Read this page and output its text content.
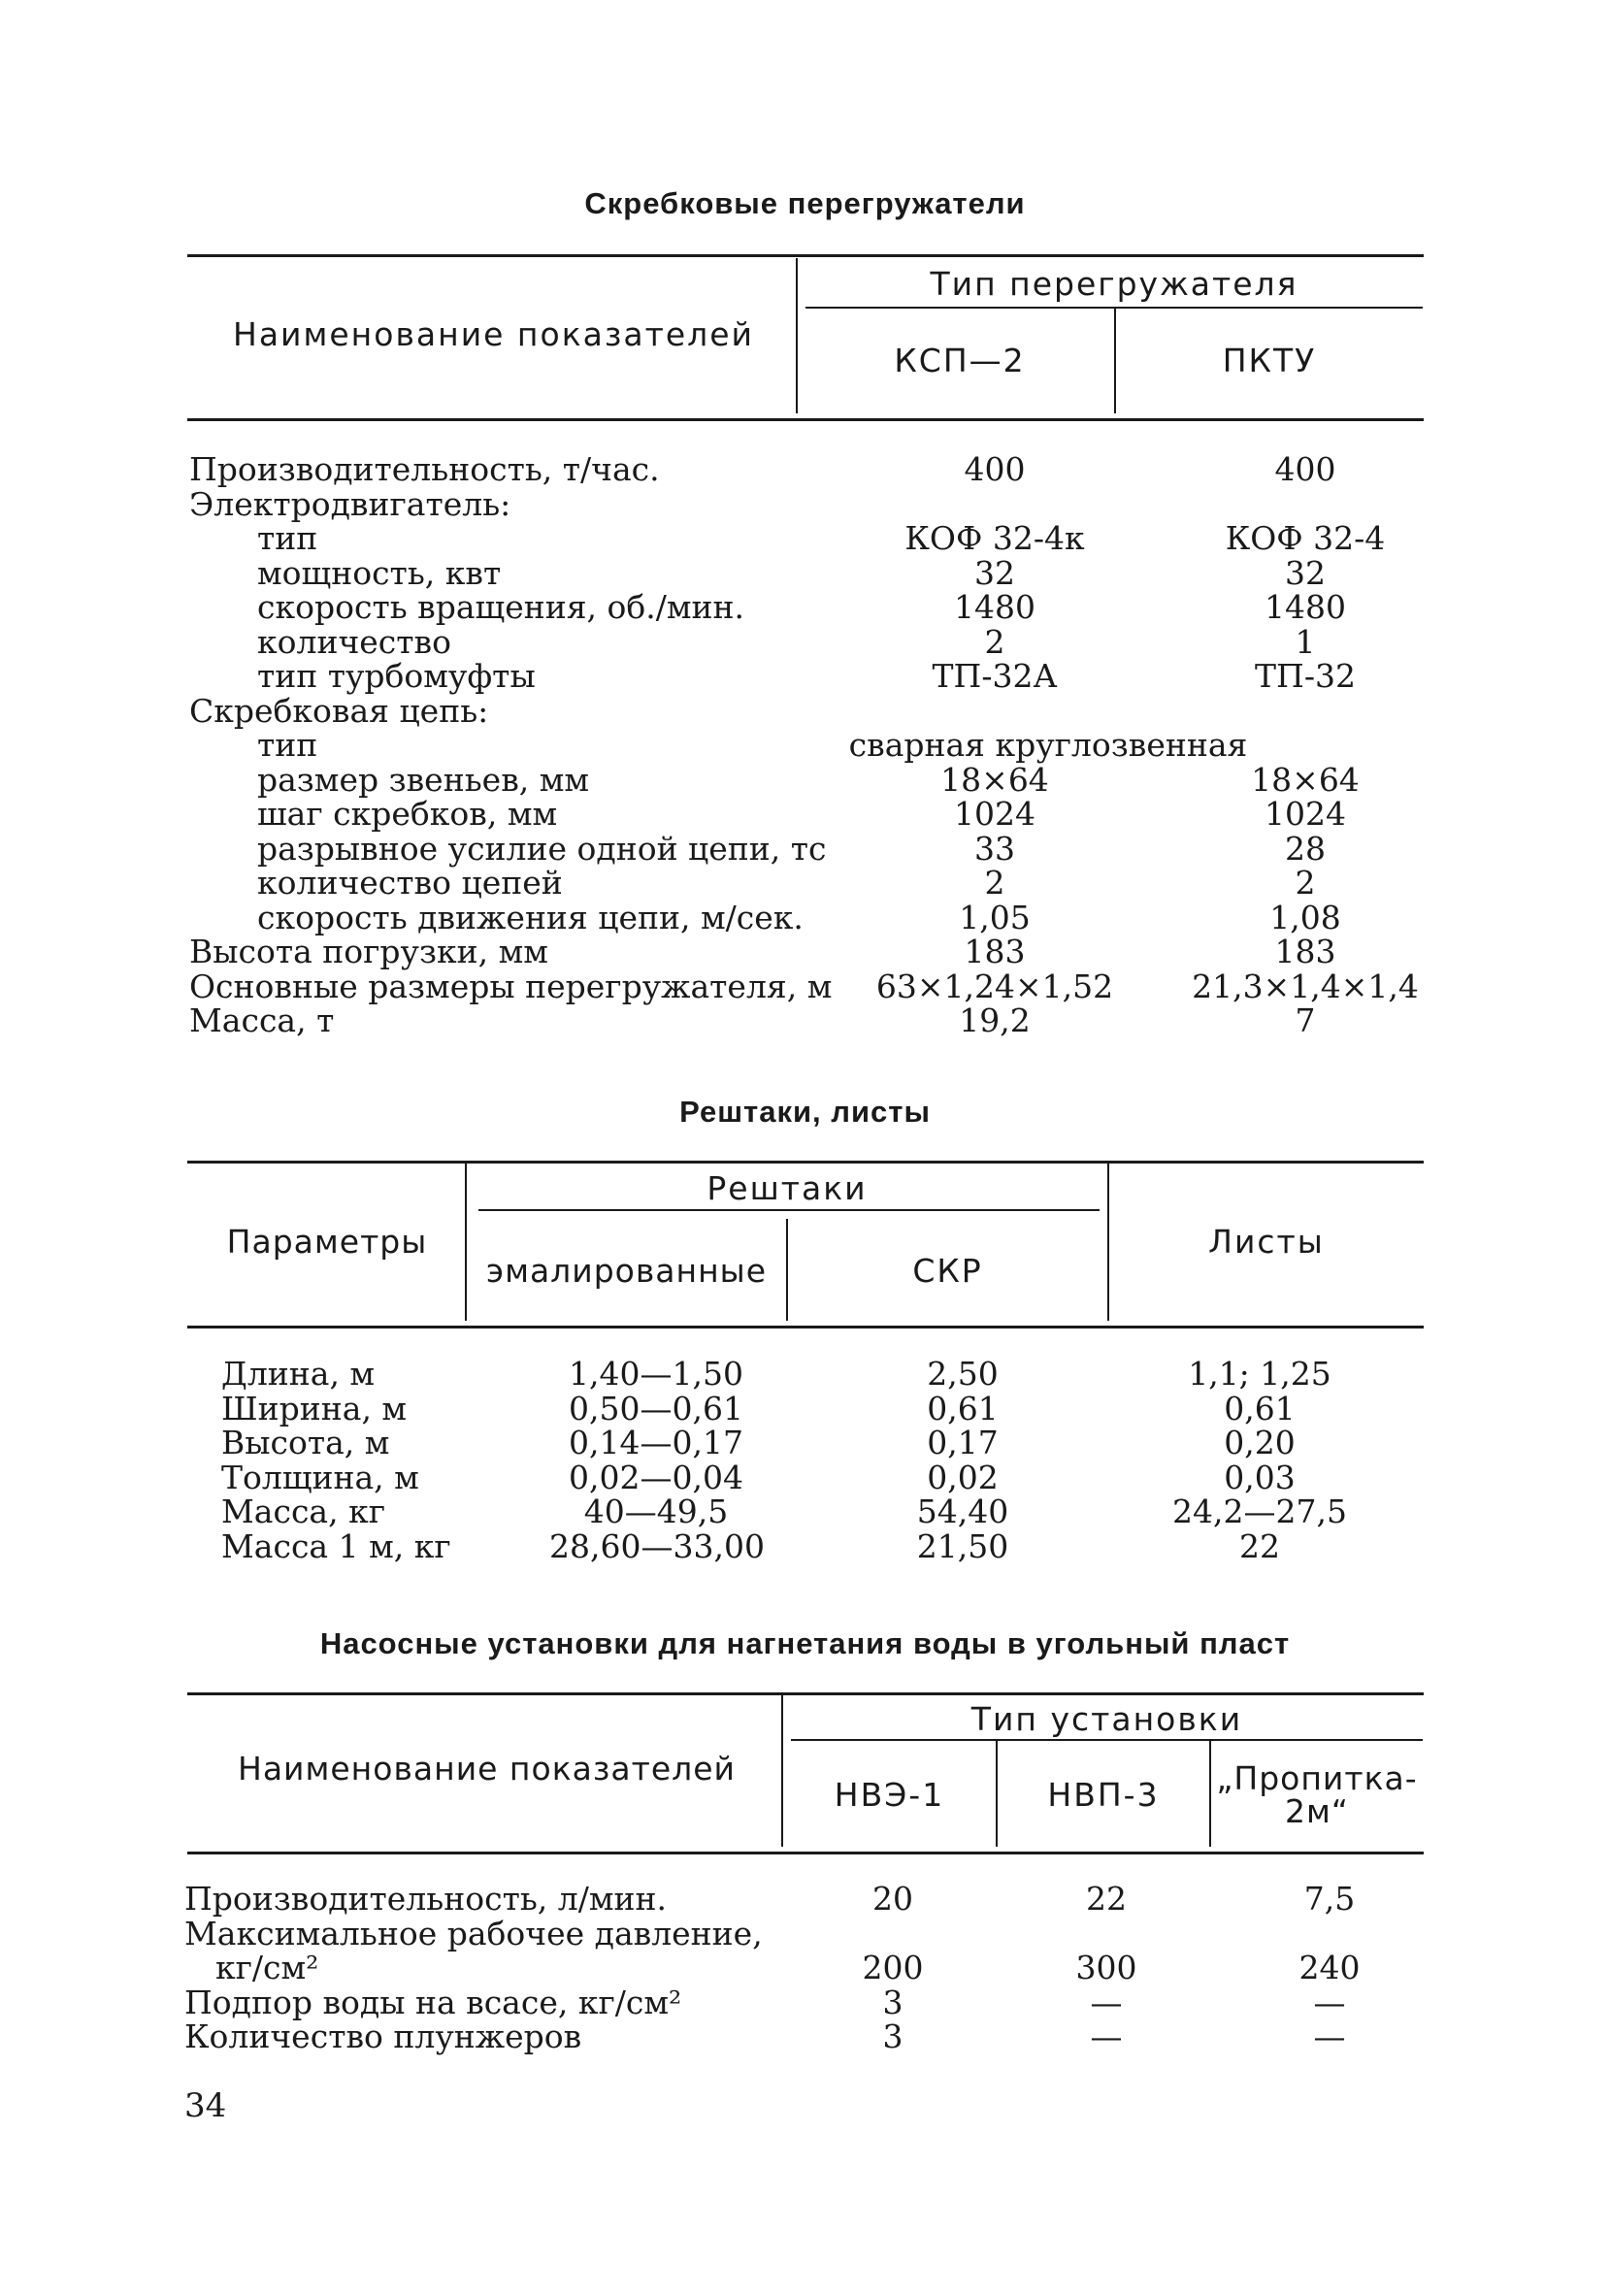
Скребковые перегружатели
Наименование показателей
Тип перегружателя
КСП—2	ПКТУ
Производительность, т/час.	400	400
Электродвигатель:
тип	КОФ 32-4к	КОФ 32-4
мощность, квт	32	32
скорость вращения, об./мин.	1480	1480
количество	2	1
тип турбомуфты	ТП-32А	ТП-32
Скребковая цепь:
тип	сварная круглозвенная
размер звеньев, мм	18×64	18×64
шаг скребков, мм	1024	1024
разрывное усилие одной цепи, тс	33	28
количество цепей	2	2
скорость движения цепи, м/сек.	1,05	1,08
Высота погрузки, мм	183	183
Основные размеры перегружателя, м	63×1,24×1,52	21,3×1,4×1,4
Масса, т	19,2	7
Рештаки, листы
Параметры
Рештаки
эмалированные	СКР
Листы
Длина, м	1,40—1,50	2,50	1,1; 1,25
Ширина, м	0,50—0,61	0,61	0,61
Высота, м	0,14—0,17	0,17	0,20
Толщина, м	0,02—0,04	0,02	0,03
Масса, кг	40—49,5	54,40	24,2—27,5
Масса 1 м, кг	28,60—33,00	21,50	22
Насосные установки для нагнетания воды в угольный пласт
Наименование показателей
Тип установки
НВЭ-1	НВП-3	„Пропитка-
2м“
Производительность, л/мин.	20	22	7,5
Максимальное рабочее давление,
кг/см²	200	300	240
Подпор воды на всасе, кг/см²	3	—	—
Количество плунжеров	3	—	—
34
